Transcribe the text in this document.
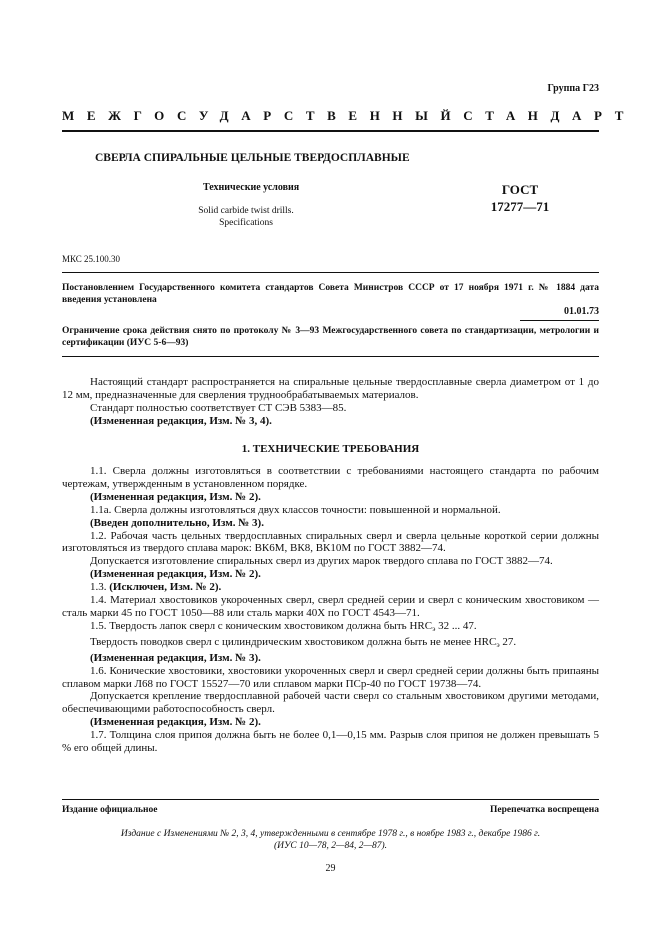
Группа Г23
МЕЖГОСУДАРСТВЕННЫЙ СТАНДАРТ
СВЕРЛА СПИРАЛЬНЫЕ ЦЕЛЬНЫЕ ТВЕРДОСПЛАВНЫЕ
Технические условия
Solid carbide twist drills.
Specifications
ГОСТ
17277—71
МКС 25.100.30
Постановлением Государственного комитета стандартов Совета Министров СССР от 17 ноября 1971 г. № 1884 дата введения установлена
01.01.73
Ограничение срока действия снято по протоколу № 3—93 Межгосударственного совета по стандартизации, метрологии и сертификации (ИУС 5-6—93)

Настоящий стандарт распространяется на спиральные цельные твердосплавные сверла диаметром от 1 до 12 мм, предназначенные для сверления труднообрабатываемых материалов.

Стандарт полностью соответствует СТ СЭВ 5383—85.

(Измененная редакция, Изм. № 3, 4).

1. ТЕХНИЧЕСКИЕ ТРЕБОВАНИЯ

1.1. Сверла должны изготовляться в соответствии с требованиями настоящего стандарта по рабочим чертежам, утвержденным в установленном порядке.

(Измененная редакция, Изм. № 2).

1.1а. Сверла должны изготовляться двух классов точности: повышенной и нормальной.

(Введен дополнительно, Изм. № 3).

1.2. Рабочая часть цельных твердосплавных спиральных сверл и сверла цельные короткой серии должны изготовляться из твердого сплава марок: ВК6М, ВК8, ВК10М по ГОСТ 3882—74.

Допускается изготовление спиральных сверл из других марок твердого сплава по ГОСТ 3882—74.

(Измененная редакция, Изм. № 2).

1.3. (Исключен, Изм. № 2).

1.4. Материал хвостовиков укороченных сверл, сверл средней серии и сверл с коническим хвостовиком — сталь марки 45 по ГОСТ 1050—88 или сталь марки 40Х по ГОСТ 4543—71.

1.5. Твердость лапок сверл с коническим хвостовиком должна быть $HRC_э$ 32 ... 47.

Твердость поводков сверл с цилиндрическим хвостовиком должна быть не менее $HRC_э$ 27.

(Измененная редакция, Изм. № 3).

1.6. Конические хвостовики, хвостовики укороченных сверл и сверл средней серии должны быть припаяны сплавом марки Л68 по ГОСТ 15527—70 или сплавом марки ПСр-40 по ГОСТ 19738—74.

Допускается крепление твердосплавной рабочей части сверл со стальным хвостовиком другими методами, обеспечивающими работоспособность сверл.

(Измененная редакция, Изм. № 2).

1.7. Толщина слоя припоя должна быть не более 0,1—0,15 мм. Разрыв слоя припоя не должен превышать 5 % его общей длины.

Издание официальное	Перепечатка воспрещена
Издание с Изменениями № 2, 3, 4, утвержденными в сентябре 1978 г., в ноябре 1983 г., декабре 1986 г.
(ИУС 10—78, 2—84, 2—87).
29
